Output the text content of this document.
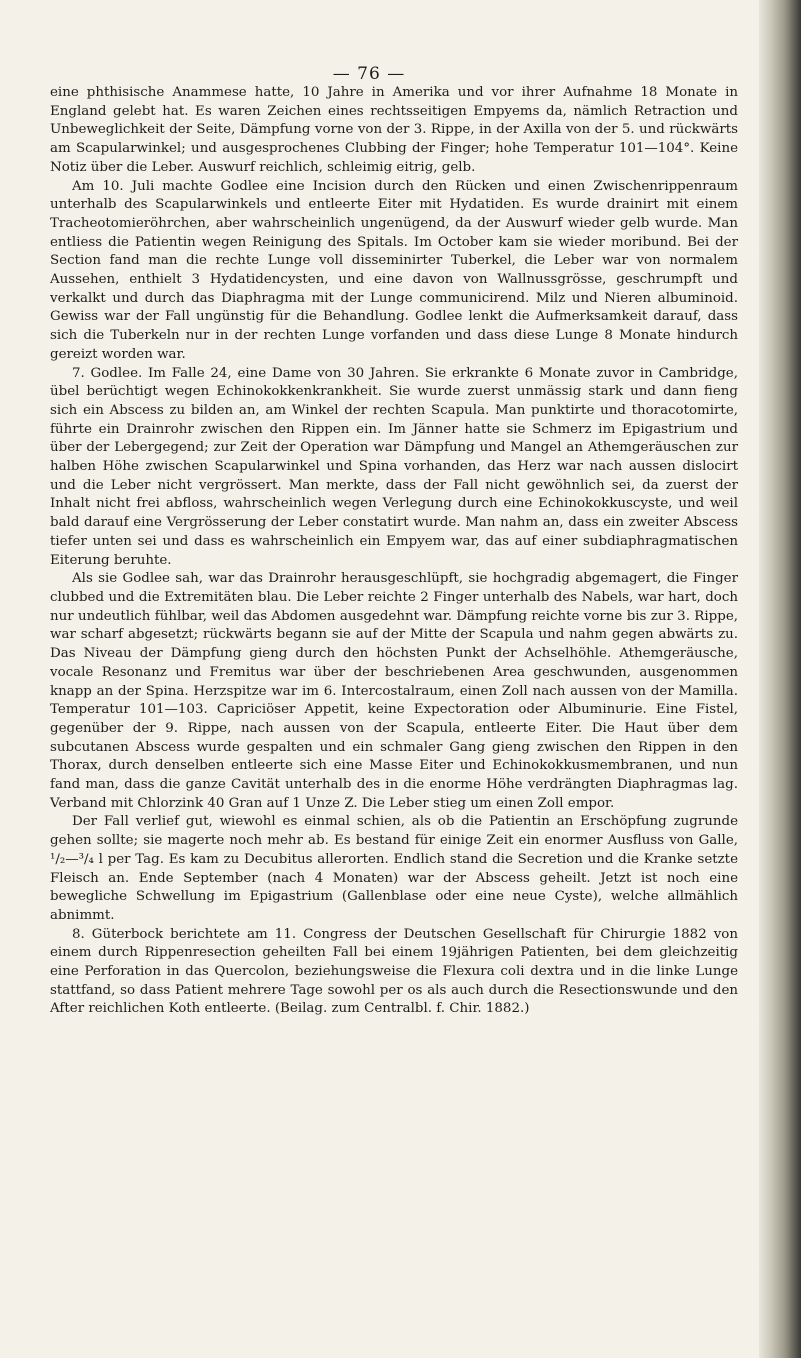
— 76 —

eine phthisische Anammese hatte, 10 Jahre in Amerika und vor ihrer Aufnahme 18 Monate in England gelebt hat. Es waren Zeichen eines rechtsseitigen Empyems da, nämlich Retraction und Unbeweglichkeit der Seite, Dämpfung vorne von der 3. Rippe, in der Axilla von der 5. und rückwärts am Scapularwinkel; und ausgesprochenes Clubbing der Finger; hohe Temperatur 101—104°. Keine Notiz über die Leber. Auswurf reichlich, schleimig eitrig, gelb.

Am 10. Juli machte Godlee eine Incision durch den Rücken und einen Zwischenrippenraum unterhalb des Scapularwinkels und entleerte Eiter mit Hydatiden. Es wurde drainirt mit einem Tracheotomieröhrchen, aber wahrscheinlich ungenügend, da der Auswurf wieder gelb wurde. Man entliess die Patientin wegen Reinigung des Spitals. Im October kam sie wieder moribund. Bei der Section fand man die rechte Lunge voll disseminirter Tuberkel, die Leber war von normalem Aussehen, enthielt 3 Hydatidencysten, und eine davon von Wallnussgrösse, geschrumpft und verkalkt und durch das Diaphragma mit der Lunge communicirend. Milz und Nieren albuminoid. Gewiss war der Fall ungünstig für die Behandlung. Godlee lenkt die Aufmerksamkeit darauf, dass sich die Tuberkeln nur in der rechten Lunge vorfanden und dass diese Lunge 8 Monate hindurch gereizt worden war.

7. Godlee. Im Falle 24, eine Dame von 30 Jahren. Sie erkrankte 6 Monate zuvor in Cambridge, übel berüchtigt wegen Echinokokkenkrankheit. Sie wurde zuerst unmässig stark und dann fieng sich ein Abscess zu bilden an, am Winkel der rechten Scapula. Man punktirte und thoracotomirte, führte ein Drainrohr zwischen den Rippen ein. Im Jänner hatte sie Schmerz im Epigastrium und über der Lebergegend; zur Zeit der Operation war Dämpfung und Mangel an Athemgeräuschen zur halben Höhe zwischen Scapularwinkel und Spina vorhanden, das Herz war nach aussen dislocirt und die Leber nicht vergrössert. Man merkte, dass der Fall nicht gewöhnlich sei, da zuerst der Inhalt nicht frei abfloss, wahrscheinlich wegen Verlegung durch eine Echinokokkuscyste, und weil bald darauf eine Vergrösserung der Leber constatirt wurde. Man nahm an, dass ein zweiter Abscess tiefer unten sei und dass es wahrscheinlich ein Empyem war, das auf einer subdiaphragmatischen Eiterung beruhte.

Als sie Godlee sah, war das Drainrohr herausgeschlüpft, sie hochgradig abgemagert, die Finger clubbed und die Extremitäten blau. Die Leber reichte 2 Finger unterhalb des Nabels, war hart, doch nur undeutlich fühlbar, weil das Abdomen ausgedehnt war. Dämpfung reichte vorne bis zur 3. Rippe, war scharf abgesetzt; rückwärts begann sie auf der Mitte der Scapula und nahm gegen abwärts zu. Das Niveau der Dämpfung gieng durch den höchsten Punkt der Achselhöhle. Athemgeräusche, vocale Resonanz und Fremitus war über der beschriebenen Area geschwunden, ausgenommen knapp an der Spina. Herzspitze war im 6. Intercostalraum, einen Zoll nach aussen von der Mamilla. Temperatur 101—103. Capriciöser Appetit, keine Expectoration oder Albuminurie. Eine Fistel, gegenüber der 9. Rippe, nach aussen von der Scapula, entleerte Eiter. Die Haut über dem subcutanen Abscess wurde gespalten und ein schmaler Gang gieng zwischen den Rippen in den Thorax, durch denselben entleerte sich eine Masse Eiter und Echinokokkusmembranen, und nun fand man, dass die ganze Cavität unterhalb des in die enorme Höhe verdrängten Diaphragmas lag. Verband mit Chlorzink 40 Gran auf 1 Unze Z. Die Leber stieg um einen Zoll empor.

Der Fall verlief gut, wiewohl es einmal schien, als ob die Patientin an Erschöpfung zugrunde gehen sollte; sie magerte noch mehr ab. Es bestand für einige Zeit ein enormer Ausfluss von Galle, ¹/₂—³/₄ l per Tag. Es kam zu Decubitus allerorten. Endlich stand die Secretion und die Kranke setzte Fleisch an. Ende September (nach 4 Monaten) war der Abscess geheilt. Jetzt ist noch eine bewegliche Schwellung im Epigastrium (Gallenblase oder eine neue Cyste), welche allmählich abnimmt.

8. Güterbock berichtete am 11. Congress der Deutschen Gesellschaft für Chirurgie 1882 von einem durch Rippenresection geheilten Fall bei einem 19jährigen Patienten, bei dem gleichzeitig eine Perforation in das Quercolon, beziehungsweise die Flexura coli dextra und in die linke Lunge stattfand, so dass Patient mehrere Tage sowohl per os als auch durch die Resectionswunde und den After reichlichen Koth entleerte. (Beilag. zum Centralbl. f. Chir. 1882.)
